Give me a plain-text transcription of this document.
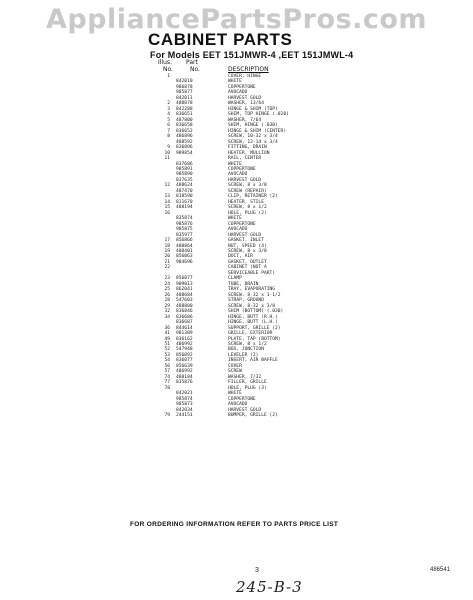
AppliancePartsPros.com
CABINET PARTS
For Models EET 151JMWR-4 ,EET 151JMWL-4
Illus.
No.
Part
No.	DESCRIPTION
1	COVER, HINGE
842010	WHITE
986878	COPPERTONE
985877	AVOCADO
842011	HARVEST GOLD
2 488078	WASHER, 13/64
3 842288	HINGE & SHIM (TOP)
4 836651	SHIM, TOP HINGE (.020)
5 487800	WASHER, 7/64
6 836658	SHIM, HINGE (.030)
7 836652	HINGE & SHIM (CENTER)
8 486896	SCREW, 10-32 x 3/4
488592	SCREW, 12-14 x 3/4
9 836896	FITTING, DRAIN
10 989854	HEATER, MULLION
11	RAIL, CENTER
837686	WHITE
985891	COPPERTONE
985890	AVOCADO
837635	HARVEST GOLD
12 488624	SCREW, 8 x 3/8
487470	SCREW (REPAIR)
13 818590	CLIP, RETAINER (2)
14 811670	HEATER, STILE
15 488194	SCREW, 8 x 1/2
16	HOLE, PLUG (2)
835874	WHITE
985876	COPPERTONE
985875	AVOCADO
835977	HARVEST GOLD
17 856866	GASKET, INLET
18 488864	NUT, SPEED (4)
19 488401	SCREW, 8 x 3/8
20 856063	DUCT, AIR
21 984696	GASKET, OUTLET
22	CABINET (NOT A
SERVICEABLE PART)
23 856077	CLAMP
24 909013	TUBE, DRAIN
25 862041	TRAY, EVAPORATING
26 488684	SCREW, 8-32 x 1-1/2
28 547603	STRAP, GROUND
29 488800	SCREW, 8-32 x 3/8
32 836846	SHIM (BOTTOM) (.030)
34 836686	HINGE, BUTT (R.H.)
836687	HINGE, BUTT (L.H.)
36 844614	SUPPORT, GRILLE (2)
41 981389	GRILLE, EXTERIOR
49 836162	PLATE, TAP (BOTTOM)
51 486992	SCREW, 8 x 1/2
52 547948	BOX, JUNCTION
53 856092	LEVELER (2)
54 836077	INSERT, AIR BAFFLE
56 856639	COVER
57 486992	SCREW
74 488184	WASHER, 7/32
77 835876	FILLER, GRILLE
78	HOLE, PLUG (3)
842021	WHITE
985874	COPPERTONE
985873	AVOCADO
842034	HARVEST GOLD
79 244151	BUMPER, GRILLE (2)
FOR ORDERING INFORMATION REFER TO PARTS PRICE LIST
3	486541
245-B-3
